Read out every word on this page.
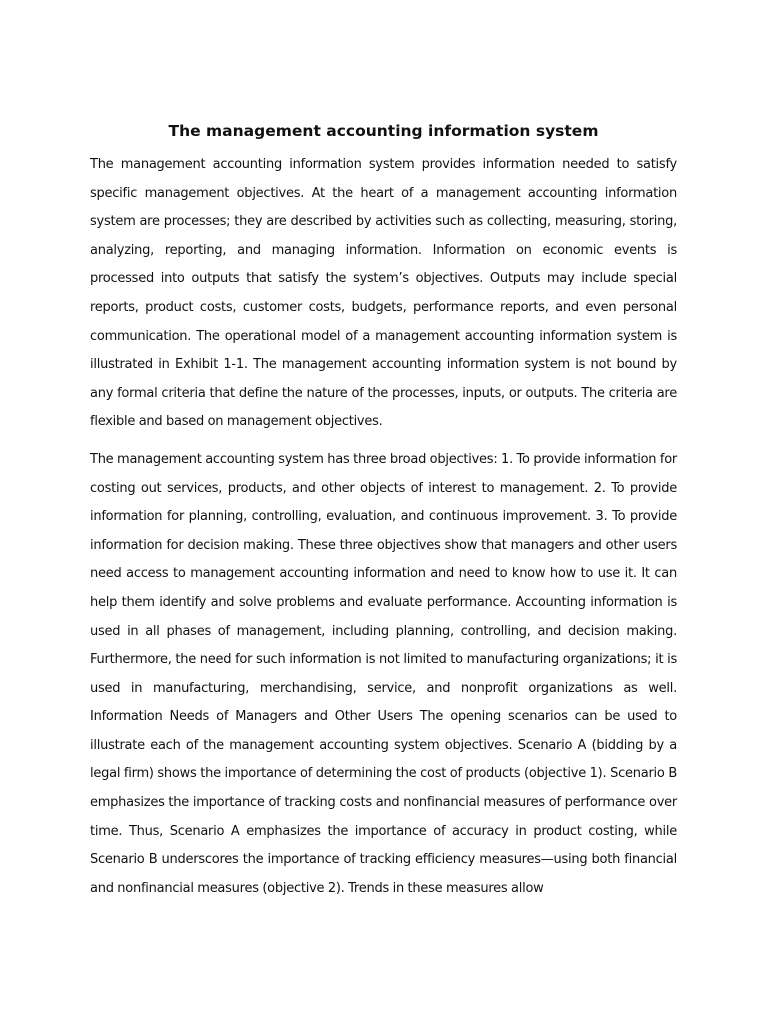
The management accounting information system

The management accounting information system provides information needed to satisfy specific management objectives. At the heart of a management accounting information system are processes; they are described by activities such as collecting, measuring, storing, analyzing, reporting, and managing information. Information on economic events is processed into outputs that satisfy the system’s objectives. Outputs may include special reports, product costs, customer costs, budgets, performance reports, and even personal communication. The operational model of a management accounting information system is illustrated in Exhibit 1-1. The management accounting information system is not bound by any formal criteria that define the nature of the processes, inputs, or outputs. The criteria are flexible and based on management objectives.

The management accounting system has three broad objectives: 1. To provide information for costing out services, products, and other objects of interest to management. 2. To provide information for planning, controlling, evaluation, and continuous improvement. 3. To provide information for decision making. These three objectives show that managers and other users need access to management accounting information and need to know how to use it. It can help them identify and solve problems and evaluate performance. Accounting information is used in all phases of management, including planning, controlling, and decision making. Furthermore, the need for such information is not limited to manufacturing organizations; it is used in manufacturing, merchandising, service, and nonprofit organizations as well. Information Needs of Managers and Other Users The opening scenarios can be used to illustrate each of the management accounting system objectives. Scenario A (bidding by a legal firm) shows the importance of determining the cost of products (objective 1). Scenario B emphasizes the importance of tracking costs and nonfinancial measures of performance over time. Thus, Scenario A emphasizes the importance of accuracy in product costing, while Scenario B underscores the importance of tracking efficiency measures—using both financial and nonfinancial measures (objective 2). Trends in these measures allow
